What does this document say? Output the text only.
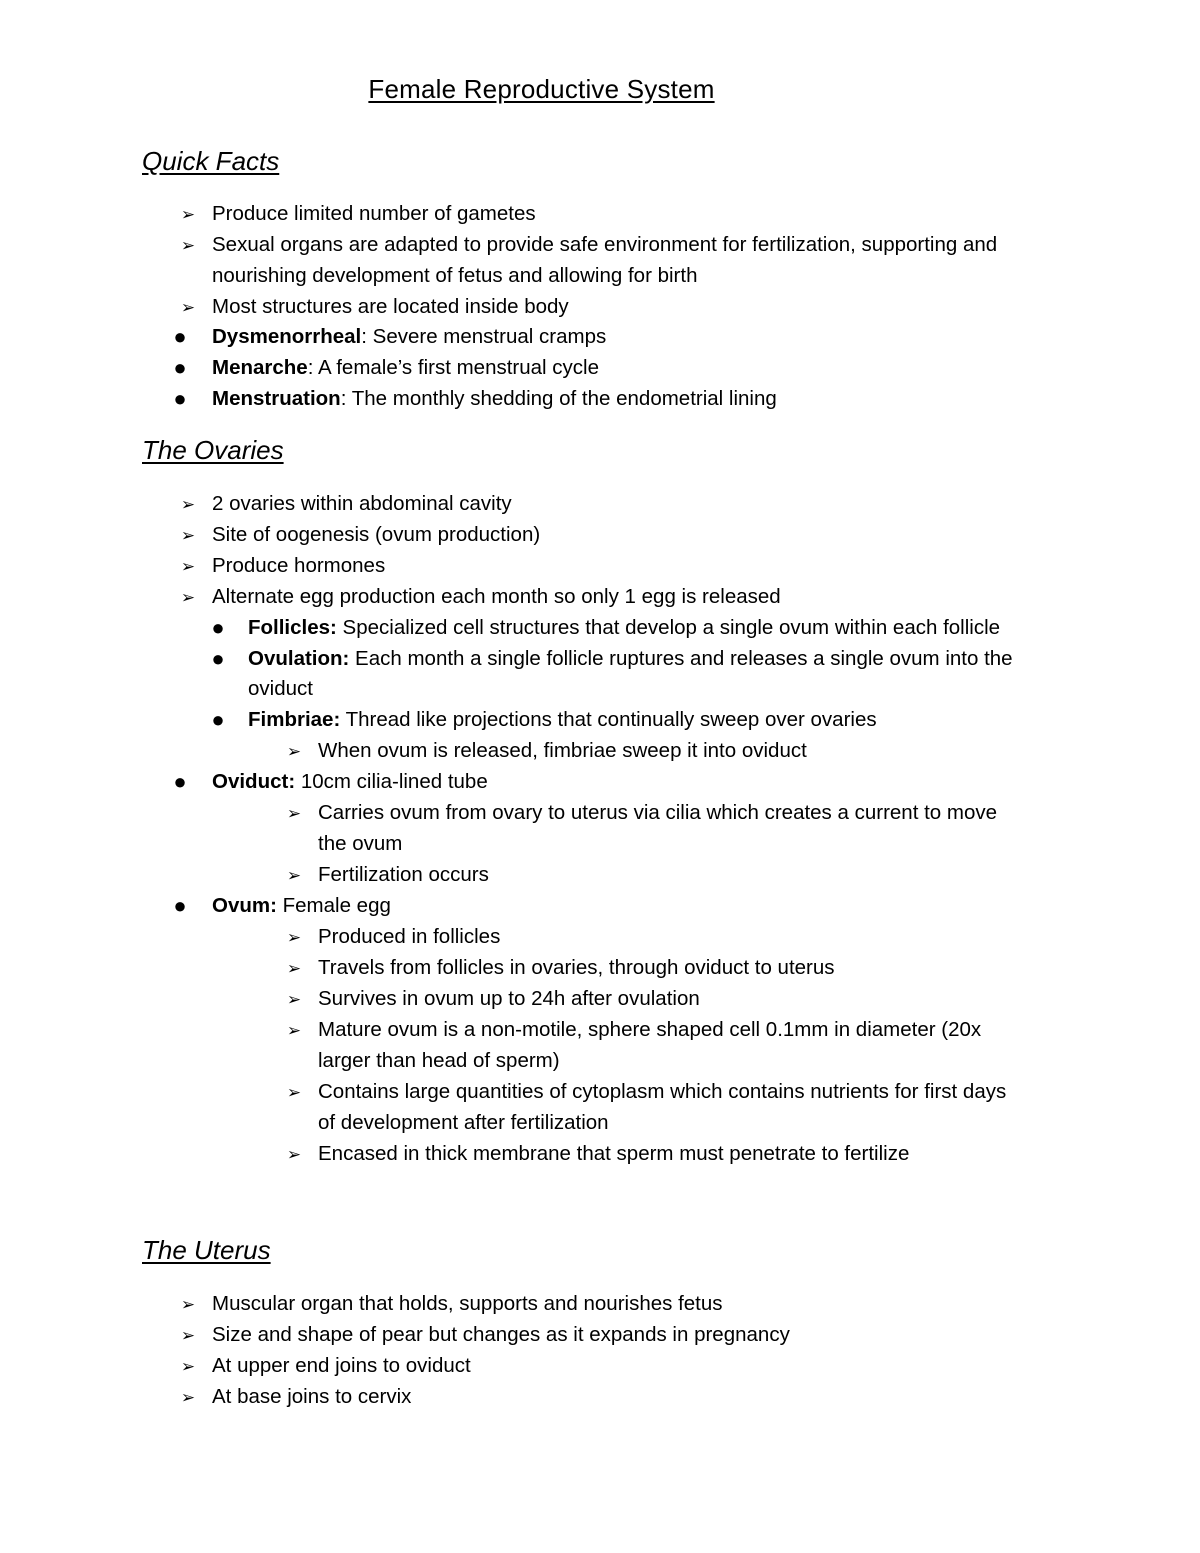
Female Reproductive System
Quick Facts
➢ Produce limited number of gametes
➢ Sexual organs are adapted to provide safe environment for fertilization, supporting and
nourishing development of fetus and allowing for birth
➢ Most structures are located inside body
● Dysmenorrheal: Severe menstrual cramps
● Menarche: A female’s first menstrual cycle
● Menstruation: The monthly shedding of the endometrial lining
The Ovaries
➢ 2 ovaries within abdominal cavity
➢ Site of oogenesis (ovum production)
➢ Produce hormones
➢ Alternate egg production each month so only 1 egg is released
● Follicles: Specialized cell structures that develop a single ovum within each follicle
● Ovulation: Each month a single follicle ruptures and releases a single ovum into the
oviduct
● Fimbriae: Thread like projections that continually sweep over ovaries
➢ When ovum is released, fimbriae sweep it into oviduct
● Oviduct: 10cm cilia-lined tube
➢ Carries ovum from ovary to uterus via cilia which creates a current to move
the ovum
➢ Fertilization occurs
● Ovum: Female egg
➢ Produced in follicles
➢ Travels from follicles in ovaries, through oviduct to uterus
➢ Survives in ovum up to 24h after ovulation
➢ Mature ovum is a non-motile, sphere shaped cell 0.1mm in diameter (20x
larger than head of sperm)
➢ Contains large quantities of cytoplasm which contains nutrients for first days
of development after fertilization
➢ Encased in thick membrane that sperm must penetrate to fertilize
The Uterus
➢ Muscular organ that holds, supports and nourishes fetus
➢ Size and shape of pear but changes as it expands in pregnancy
➢ At upper end joins to oviduct
➢ At base joins to cervix
